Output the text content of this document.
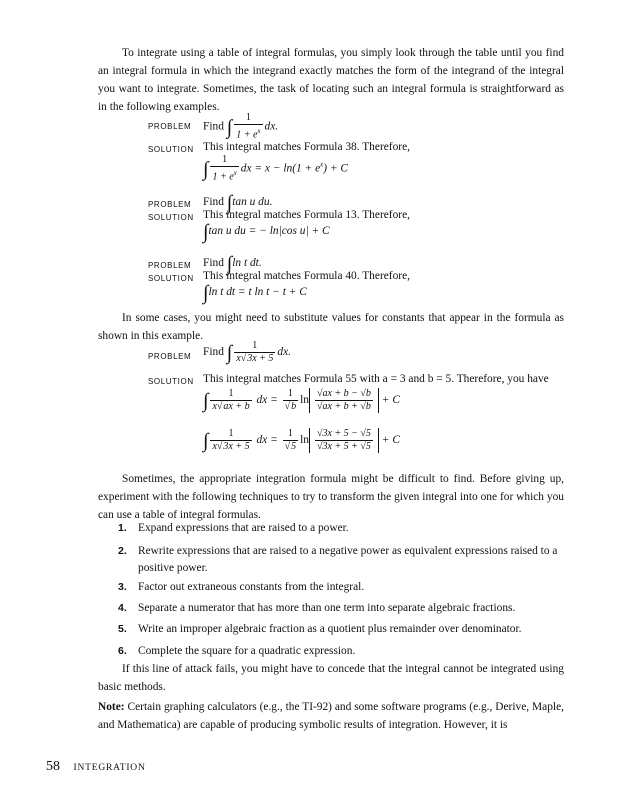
To integrate using a table of integral formulas, you simply look through the table until you find an integral formula in which the integrand exactly matches the form of the integrand of the integral you want to integrate. Sometimes, the task of locating such an integral formula is straightforward as in the following examples.
PROBLEM Find ∫ $\frac{1}{1 + e^x}$ dx.
SOLUTION This integral matches Formula 38. Therefore,
∫ $\frac{1}{1 + e^x}$ dx = $x - \ln(1 + e^x) + C$
PROBLEM Find ∫tan u du.
SOLUTION This integral matches Formula 13. Therefore,
∫tan u du = − ln|cos u| + C
PROBLEM Find ∫ln t dt.
SOLUTION This integral matches Formula 40. Therefore,
∫ln t dt = t ln t − t + C
In some cases, you might need to substitute values for constants that appear in the formula as shown in this example.
PROBLEM Find ∫ $\frac{1}{x√3x + 5}$ dx.
SOLUTION This integral matches Formula 55 with a = 3 and b = 5. Therefore, you have
∫ $\frac{1}{x√ax + b}$ dx = $\frac{1}{√b}$ $\ln \frac{√ax + b - √b}{√ax + b + √b} + C$
∫ $\frac{1}{x√3x + 5}$ dx = $\frac{1}{√5}$ $\ln \frac{√3x + 5 - √5}{√3x + 5 + √5} + C$
Sometimes, the appropriate integration formula might be difficult to find. Before giving up, experiment with the following techniques to try to transform the given integral into one for which you can use a table of integral formulas.
1. Expand expressions that are raised to a power.
2. Rewrite expressions that are raised to a negative power as equivalent expressions raised to a positive power.
3. Factor out extraneous constants from the integral.
4. Separate a numerator that has more than one term into separate algebraic fractions.
5. Write an improper algebraic fraction as a quotient plus remainder over denominator.
6. Complete the square for a quadratic expression.
If this line of attack fails, you might have to concede that the integral cannot be integrated using basic methods.
Note: Certain graphing calculators (e.g., the TI-92) and some software programs (e.g., Derive, Maple, and Mathematica) are capable of producing symbolic results of integration. However, it is
58 INTEGRATION
